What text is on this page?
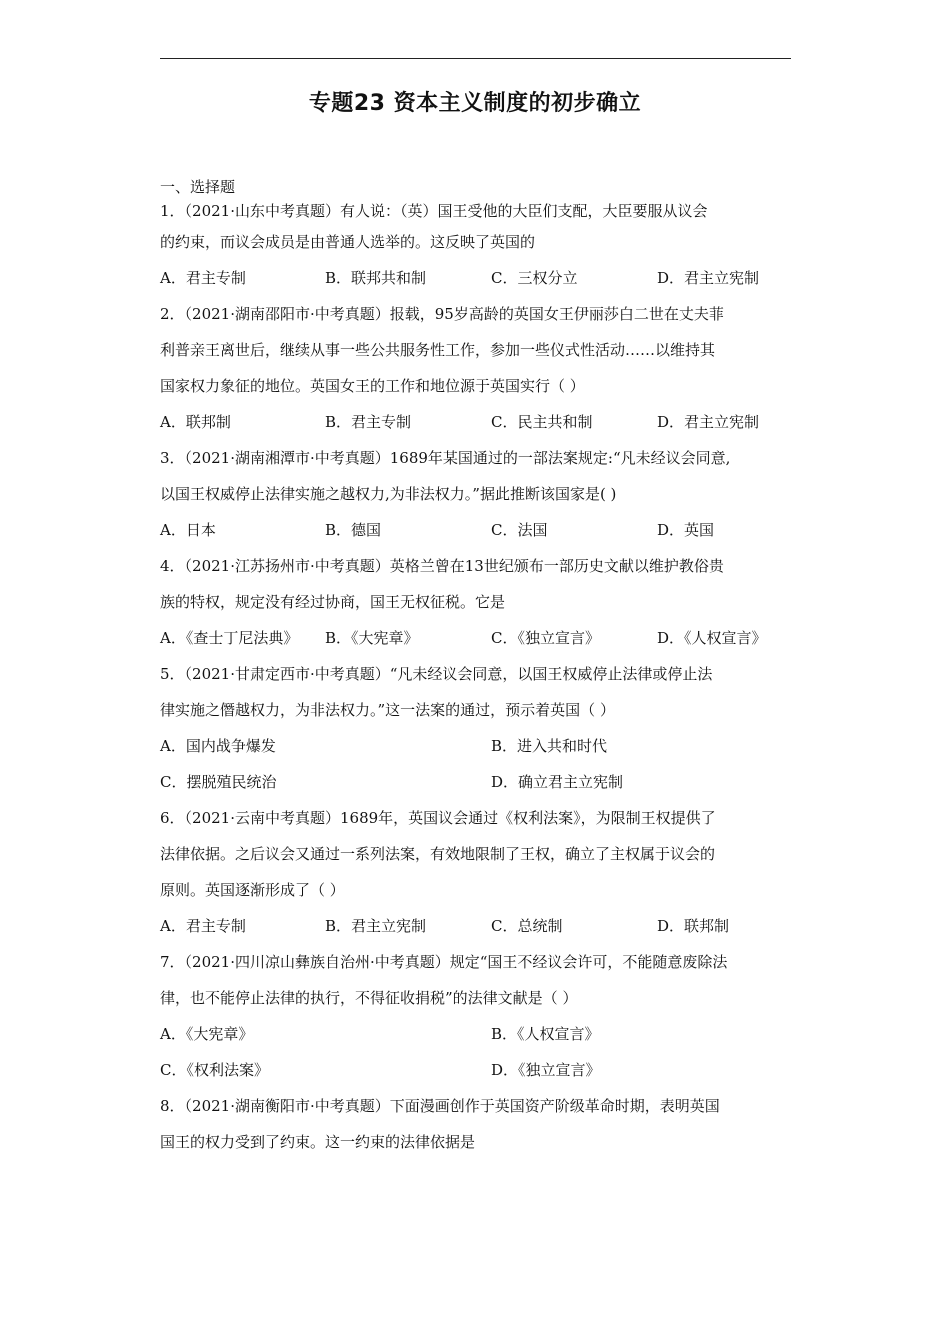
专题23 资本主义制度的初步确立
一、选择题
1．（2021·山东中考真题）有人说：（英）国王受他的大臣们支配，大臣要服从议会
的约束，而议会成员是由普通人选举的。这反映了英国的
A．君主专制	B．联邦共和制	C．三权分立	D．君主立宪制
2．（2021·湖南邵阳市·中考真题）报载，95岁高龄的英国女王伊丽莎白二世在丈夫菲
利普亲王离世后，继续从事一些公共服务性工作，参加一些仪式性活动……以维持其
国家权力象征的地位。英国女王的工作和地位源于英国实行（ ）
A．联邦制	B．君主专制	C．民主共和制	D．君主立宪制
3．（2021·湖南湘潭市·中考真题）1689年某国通过的一部法案规定:“凡未经议会同意,
以国王权威停止法律实施之越权力,为非法权力。”据此推断该国家是( )
A．日本	B．德国	C．法国	D．英国
4．（2021·江苏扬州市·中考真题）英格兰曾在13世纪颁布一部历史文献以维护教俗贵
族的特权，规定没有经过协商，国王无权征税。它是
A．《查士丁尼法典》 B．《大宪章》	C．《独立宣言》	D．《人权宣言》
5．（2021·甘肃定西市·中考真题）“凡未经议会同意，以国王权威停止法律或停止法
律实施之僭越权力，为非法权力。”这一法案的通过，预示着英国（ ）
A．国内战争爆发	B．进入共和时代
C．摆脱殖民统治	D．确立君主立宪制
6．（2021·云南中考真题）1689年，英国议会通过《权利法案》，为限制王权提供了
法律依据。之后议会又通过一系列法案，有效地限制了王权，确立了主权属于议会的
原则。英国逐渐形成了（ ）
A．君主专制	B．君主立宪制	C．总统制	D．联邦制
7．（2021·四川凉山彝族自治州·中考真题）规定“国王不经议会许可，不能随意废除法
律，也不能停止法律的执行，不得征收捐税”的法律文献是（ ）
A．《大宪章》	B．《人权宣言》
C．《权利法案》	D．《独立宣言》
8．（2021·湖南衡阳市·中考真题）下面漫画创作于英国资产阶级革命时期，表明英国
国王的权力受到了约束。这一约束的法律依据是
